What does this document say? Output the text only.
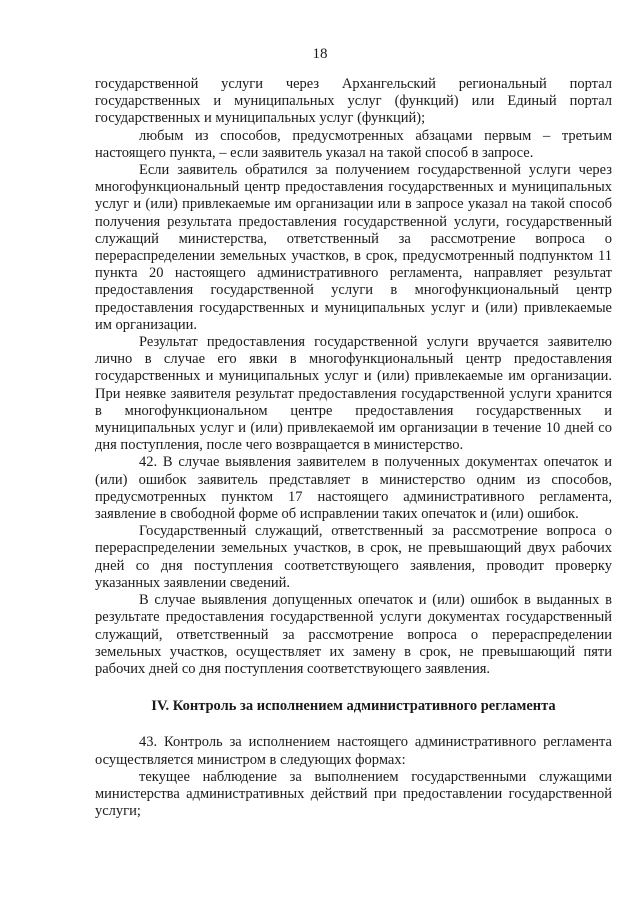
18

государственной услуги через Архангельский региональный портал государственных и муниципальных услуг (функций) или Единый портал государственных и муниципальных услуг (функций);

любым из способов, предусмотренных абзацами первым – третьим настоящего пункта, – если заявитель указал на такой способ в запросе.

Если заявитель обратился за получением государственной услуги через многофункциональный центр предоставления государственных и муниципальных услуг и (или) привлекаемые им организации или в запросе указал на такой способ получения результата предоставления государственной услуги, государственный служащий министерства, ответственный за рассмотрение вопроса о перераспределении земельных участков, в срок, предусмотренный подпунктом 11 пункта 20 настоящего административного регламента, направляет результат предоставления государственной услуги в многофункциональный центр предоставления государственных и муниципальных услуг и (или) привлекаемые им организации.

Результат предоставления государственной услуги вручается заявителю лично в случае его явки в многофункциональный центр предоставления государственных и муниципальных услуг и (или) привлекаемые им организации. При неявке заявителя результат предоставления государственной услуги хранится в многофункциональном центре предоставления государственных и муниципальных услуг и (или) привлекаемой им организации в течение 10 дней со дня поступления, после чего возвращается в министерство.

42. В случае выявления заявителем в полученных документах опечаток и (или) ошибок заявитель представляет в министерство одним из способов, предусмотренных пунктом 17 настоящего административного регламента, заявление в свободной форме об исправлении таких опечаток и (или) ошибок.

Государственный служащий, ответственный за рассмотрение вопроса о перераспределении земельных участков, в срок, не превышающий двух рабочих дней со дня поступления соответствующего заявления, проводит проверку указанных заявлении сведений.

В случае выявления допущенных опечаток и (или) ошибок в выданных в результате предоставления государственной услуги документах государственный служащий, ответственный за рассмотрение вопроса о перераспределении земельных участков, осуществляет их замену в срок, не превышающий пяти рабочих дней со дня поступления соответствующего заявления.

IV. Контроль за исполнением административного регламента

43. Контроль за исполнением настоящего административного регламента осуществляется министром в следующих формах:

текущее наблюдение за выполнением государственными служащими министерства административных действий при предоставлении государственной услуги;
